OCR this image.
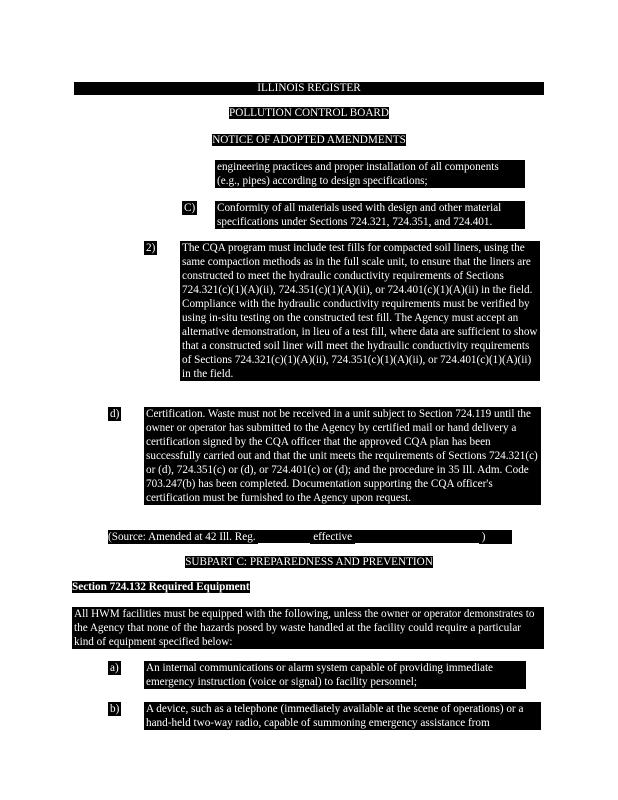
ILLINOIS REGISTER
POLLUTION CONTROL BOARD
NOTICE OF ADOPTED AMENDMENTS

engineering practices and proper installation of all components (e.g., pipes) according to design specifications;

C) Conformity of all materials used with design and other material specifications under Sections 724.321, 724.351, and 724.401.

2) The CQA program must include test fills for compacted soil liners, using the same compaction methods as in the full scale unit, to ensure that the liners are constructed to meet the hydraulic conductivity requirements of Sections 724.321(c)(1)(A)(ii), 724.351(c)(1)(A)(ii), or 724.401(c)(1)(A)(ii) in the field. Compliance with the hydraulic conductivity requirements must be verified by using in-situ testing on the constructed test fill. The Agency must accept an alternative demonstration, in lieu of a test fill, where data are sufficient to show that a constructed soil liner will meet the hydraulic conductivity requirements of Sections 724.321(c)(1)(A)(ii), 724.351(c)(1)(A)(ii), or 724.401(c)(1)(A)(ii) in the field.

d) Certification. Waste must not be received in a unit subject to Section 724.119 until the owner or operator has submitted to the Agency by certified mail or hand delivery a certification signed by the CQA officer that the approved CQA plan has been successfully carried out and that the unit meets the requirements of Sections 724.321(c) or (d), 724.351(c) or (d), or 724.401(c) or (d); and the procedure in 35 Ill. Adm. Code 703.247(b) has been completed. Documentation supporting the CQA officer's certification must be furnished to the Agency upon request.

(Source: Amended at 42 Ill. Reg.	effective	)
SUBPART C: PREPAREDNESS AND PREVENTION
Section 724.132 Required Equipment

All HWM facilities must be equipped with the following, unless the owner or operator demonstrates to the Agency that none of the hazards posed by waste handled at the facility could require a particular kind of equipment specified below:

a) An internal communications or alarm system capable of providing immediate emergency instruction (voice or signal) to facility personnel;

b) A device, such as a telephone (immediately available at the scene of operations) or a hand-held two-way radio, capable of summoning emergency assistance from
